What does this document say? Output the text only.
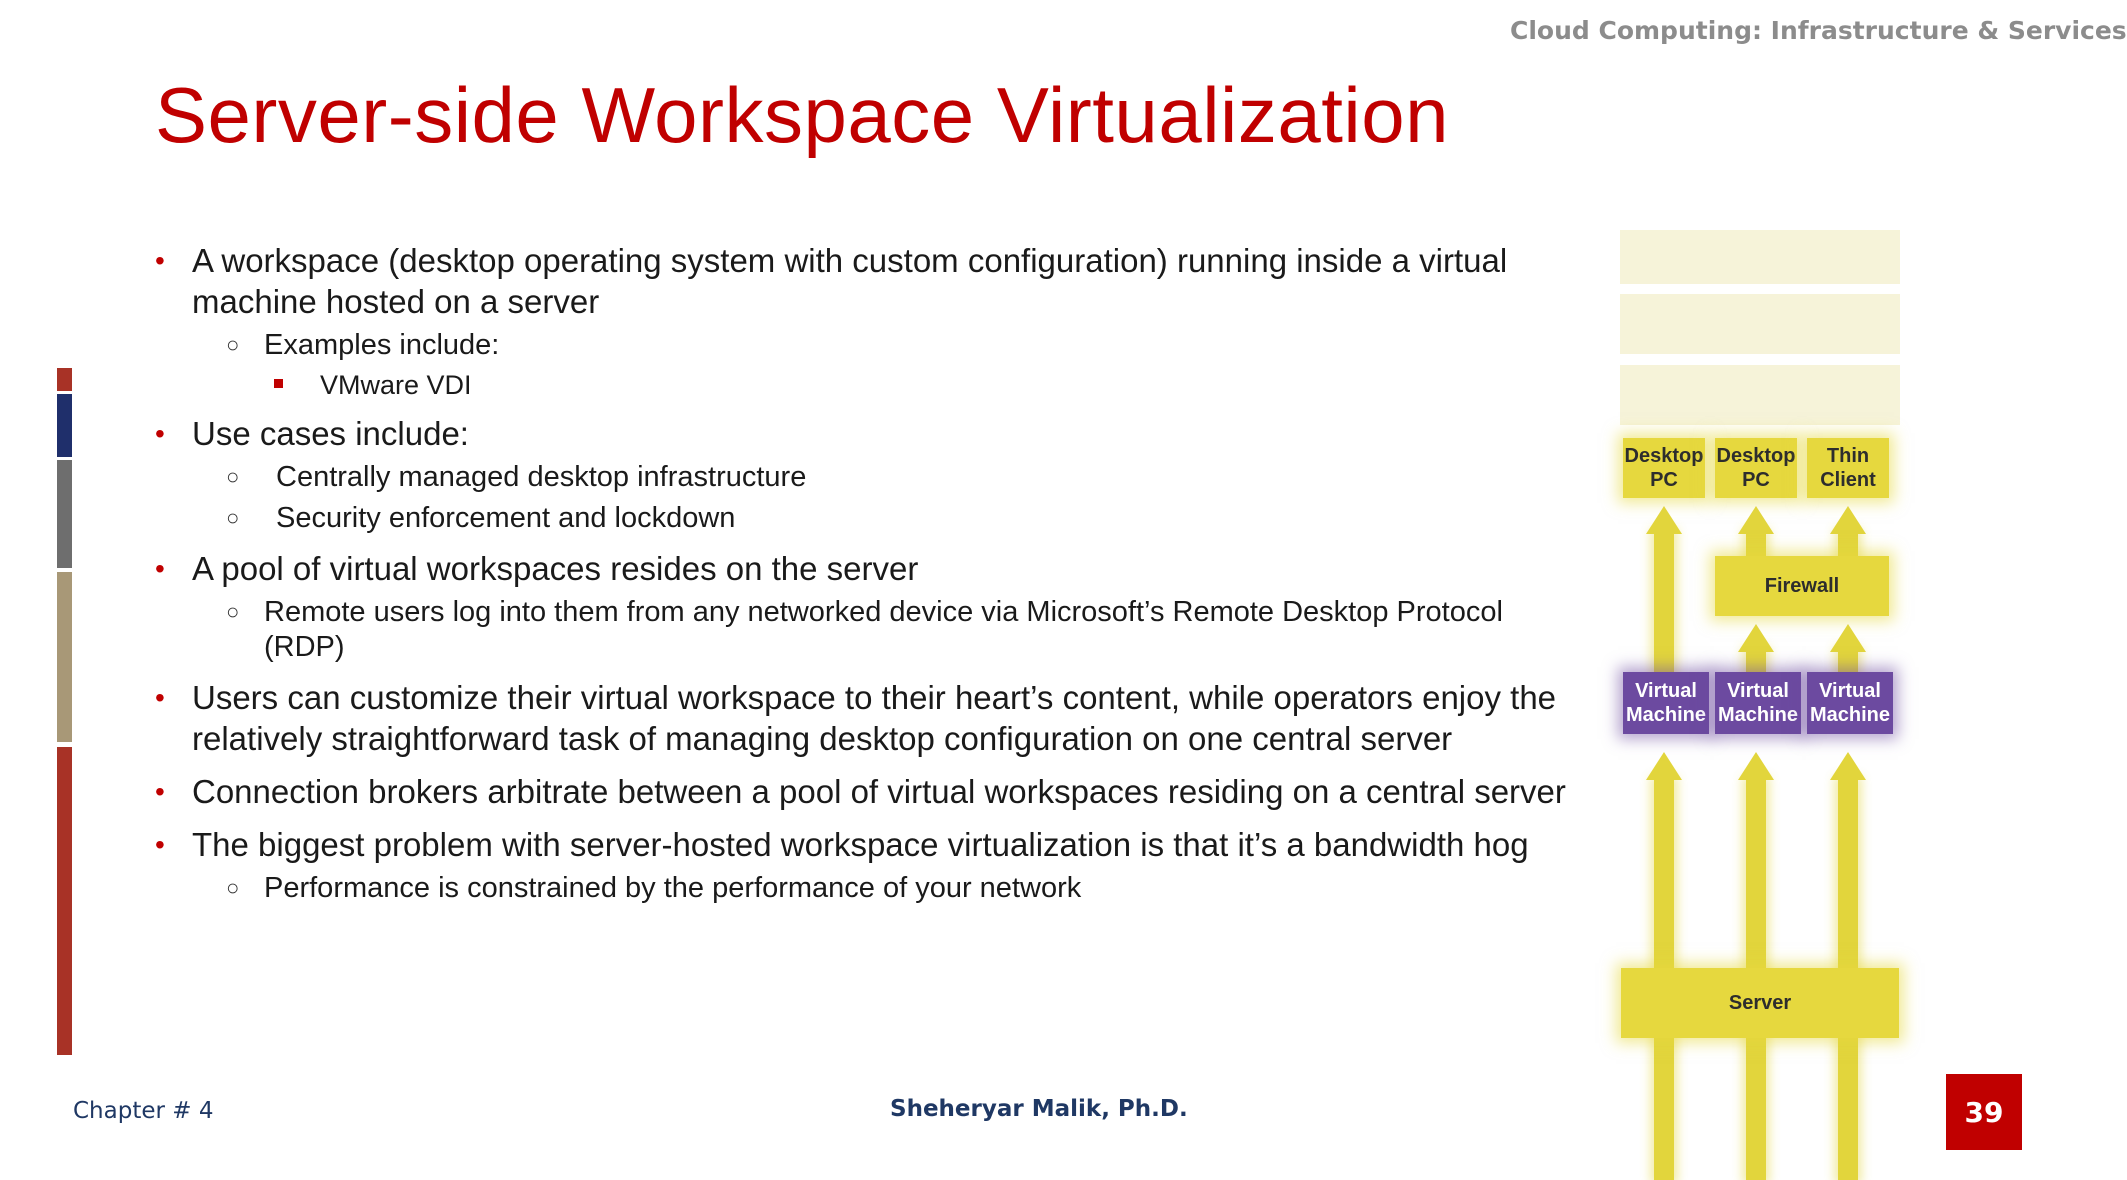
Cloud Computing: Infrastructure & Services
Server-side Workspace Virtualization
• A workspace (desktop operating system with custom configuration) running inside a virtual machine hosted on a server
○ Examples include:
VMware VDI
• Use cases include:
○ Centrally managed desktop infrastructure
○ Security enforcement and lockdown
• A pool of virtual workspaces resides on the server
○ Remote users log into them from any networked device via Microsoft’s Remote Desktop Protocol (RDP)
• Users can customize their virtual workspace to their heart’s content, while operators enjoy the relatively straightforward task of managing desktop configuration on one central server
• Connection brokers arbitrate between a pool of virtual workspaces residing on a central server
• The biggest problem with server-hosted workspace virtualization is that it’s a bandwidth hog
○ Performance is constrained by the performance of your network
Desktop PC
Desktop PC
Thin Client
Firewall
Virtual Machine
Virtual Machine
Virtual Machine
Server
Chapter # 4	Sheheryar Malik, Ph.D.	39
